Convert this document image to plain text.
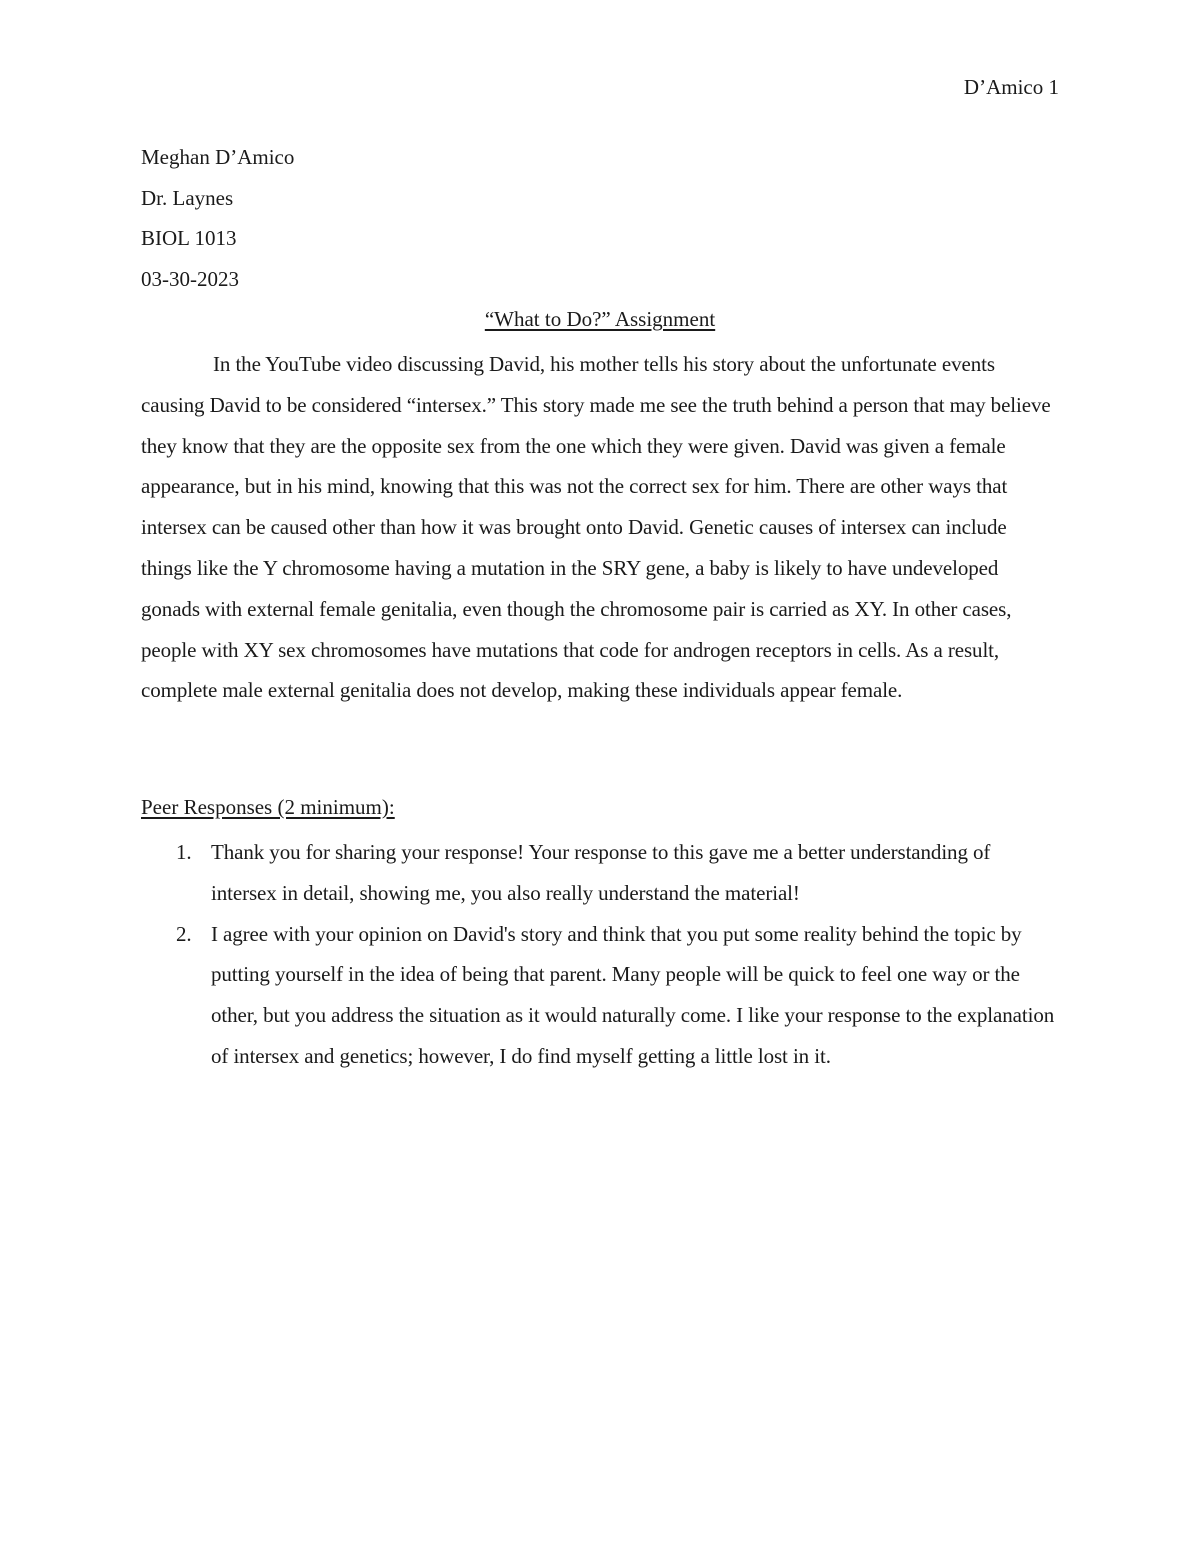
D’Amico 1
Meghan D’Amico
Dr. Laynes
BIOL 1013
03-30-2023
“What to Do?” Assignment

In the YouTube video discussing David, his mother tells his story about the unfortunate events causing David to be considered “intersex.” This story made me see the truth behind a person that may believe they know that they are the opposite sex from the one which they were given. David was given a female appearance, but in his mind, knowing that this was not the correct sex for him. There are other ways that intersex can be caused other than how it was brought onto David. Genetic causes of intersex can include things like the Y chromosome having a mutation in the SRY gene, a baby is likely to have undeveloped gonads with external female genitalia, even though the chromosome pair is carried as XY. In other cases, people with XY sex chromosomes have mutations that code for androgen receptors in cells. As a result, complete male external genitalia does not develop, making these individuals appear female.

Peer Responses (2 minimum):
1. Thank you for sharing your response! Your response to this gave me a better understanding of intersex in detail, showing me, you also really understand the material!
2. I agree with your opinion on David's story and think that you put some reality behind the topic by putting yourself in the idea of being that parent. Many people will be quick to feel one way or the other, but you address the situation as it would naturally come. I like your response to the explanation of intersex and genetics; however, I do find myself getting a little lost in it.
